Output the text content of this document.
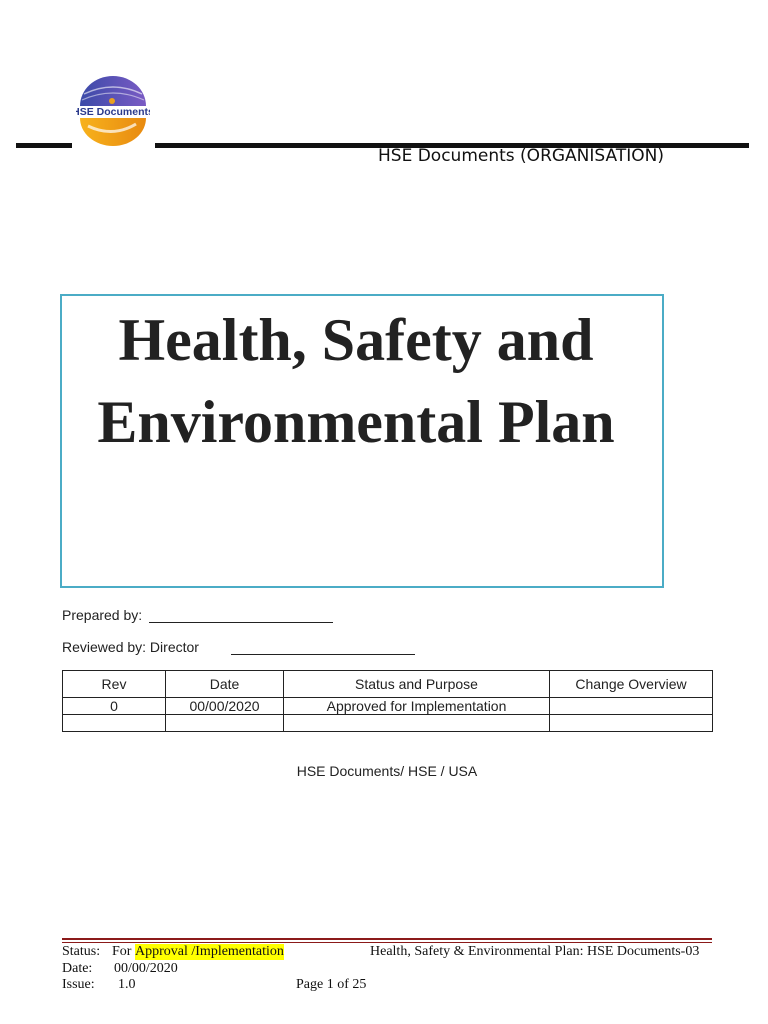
HSE Documents
HSE Documents (ORGANISATION)
Health, Safety and
Environmental Plan
Prepared by:
Reviewed by: Director
Rev	Date	Status and Purpose	Change Overview
0	00/00/2020	Approved for Implementation	

HSE Documents/ HSE / USA
Status: For Approval /Implementation	Health, Safety & Environmental Plan: HSE Documents-03
Date: 00/00/2020
Issue: 1.0	Page 1 of 25
